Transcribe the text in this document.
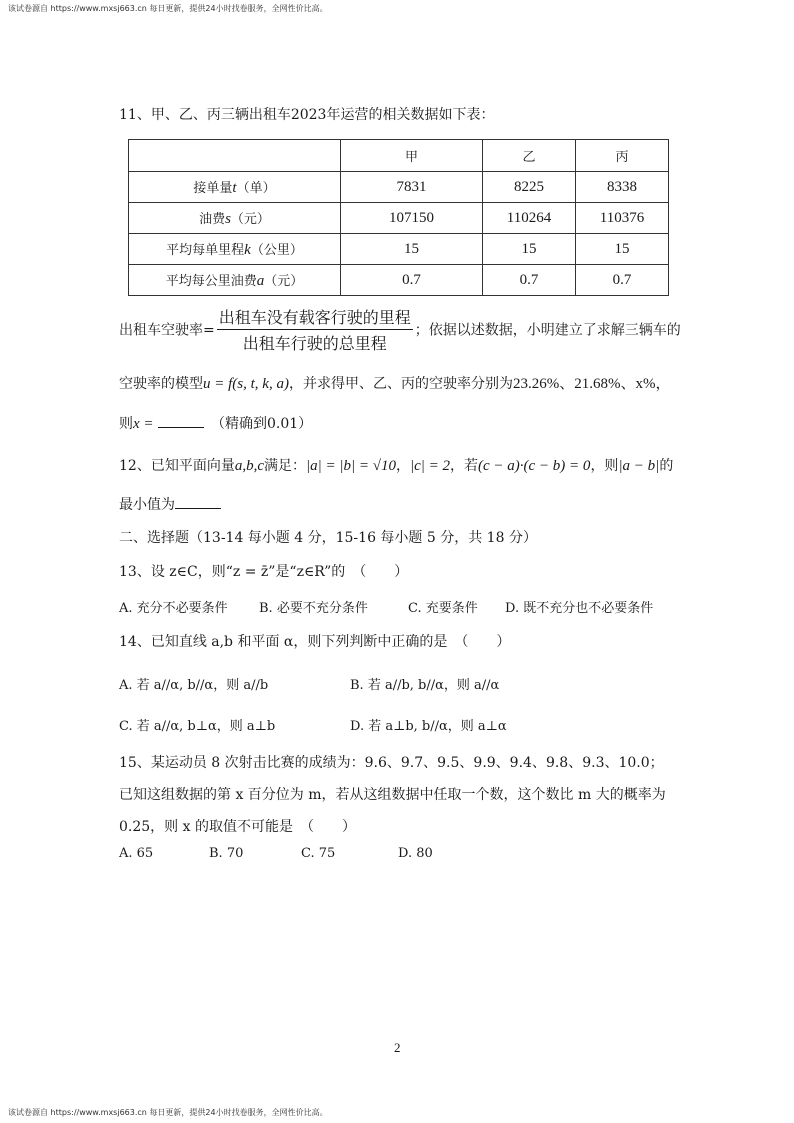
该试卷源自 https://www.mxsj663.cn 每日更新，提供24小时找卷服务，全网性价比高。
该试卷源自 https://www.mxsj663.cn 每日更新，提供24小时找卷服务，全网性价比高。
11、甲、乙、丙三辆出租车2023年运营的相关数据如下表：
	甲	乙	丙
接单量t（单）	7831	8225	8338
油费s（元）	107150	110264	110376
平均每单里程k（公里）	15	15	15
平均每公里油费a（元）	0.7	0.7	0.7
出租车空驶率= $\frac{\text{出租车没有载客行驶的里程}}{\text{出租车行驶的总里程}}$ ；依据以述数据，小明建立了求解三辆车的
空驶率的模型u = f(s, t, k, a)，并求得甲、乙、丙的空驶率分别为23.26%、21.68%、x%，
则x = 　	（精确到0.01）
12、已知平面向量a,b,c满足：|a| = |b| = √10，|c| = 2，若(c − a)·(c − b) = 0，则|a − b|的
最小值为
二、选择题（13-14 每小题 4 分，15-16 每小题 5 分，共 18 分）
13、设 z∈C，则“z = z̄”是“z∈R”的　（　　）
A. 充分不必要条件 B. 必要不充分条件	C. 充要条件 D. 既不充分也不必要条件
14、已知直线 a,b 和平面 α，则下列判断中正确的是　（　　）
A. 若 a//α, b//α，则 a//b	B. 若 a//b, b//α，则 a//α
C. 若 a//α, b⊥α，则 a⊥b	D. 若 a⊥b, b//α，则 a⊥α
15、某运动员 8 次射击比赛的成绩为：9.6、9.7、9.5、9.9、9.4、9.8、9.3、10.0；
已知这组数据的第 x 百分位为 m，若从这组数据中任取一个数，这个数比 m 大的概率为
0.25，则 x 的取值不可能是　（　　）
A. 65	B. 70	C. 75	D. 80
2
